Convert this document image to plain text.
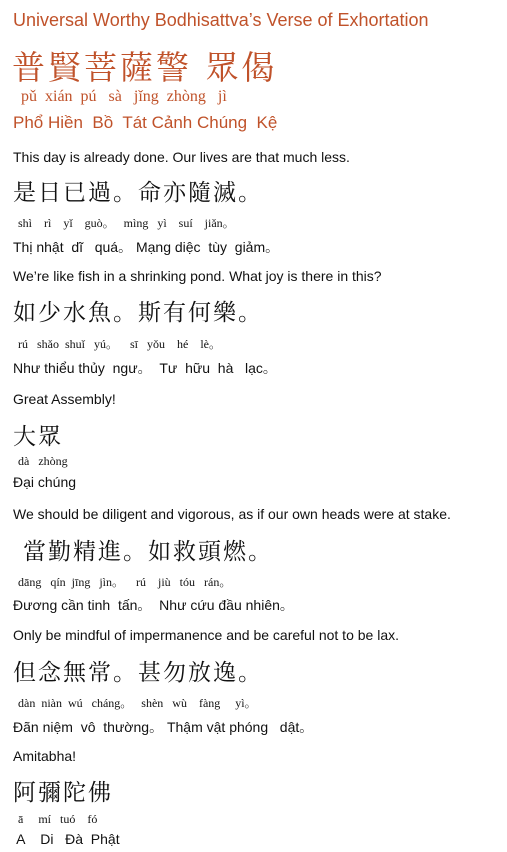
Universal Worthy Bodhisattva’s Verse of Exhortation
普賢菩薩警 眾偈
pǔ  xián  pú   sà   jǐng  zhòng   jì
Phổ Hiền  Bồ  Tát Cảnh Chúng  Kệ
This day is already done. Our lives are that much less.
是日已過。命亦隨滅。
shì    rì    yǐ    guò。   mìng   yì    suí    jiǎn。
Thị nhật  dĩ   quá。 Mạng diệc  tùy  giảm。
We’re like fish in a shrinking pond. What joy is there in this?
如少水魚。斯有何樂。
rú   shǎo  shuǐ   yú。    sī   yǒu    hé    lè。
Như thiểu thủy  ngư。  Tư  hữu  hà   lạc。
Great Assembly!
大眾
dà   zhòng
Đại chúng
We should be diligent and vigorous, as if our own heads were at stake.
當勤精進。如救頭燃。
dāng   qín  jīng   jìn。    rú    jiù   tóu   rán。
Đương cần tinh  tấn。  Như cứu đầu nhiên。
Only be mindful of impermanence and be careful not to be lax.
但念無常。甚勿放逸。
dàn  niàn  wú   cháng。   shèn   wù    fàng     yì。
Đãn niệm  vô  thường。 Thậm vật phóng   dật。
Amitabha!
阿彌陀佛
ā     mí   tuó    fó
A    Di   Đà  Phật
